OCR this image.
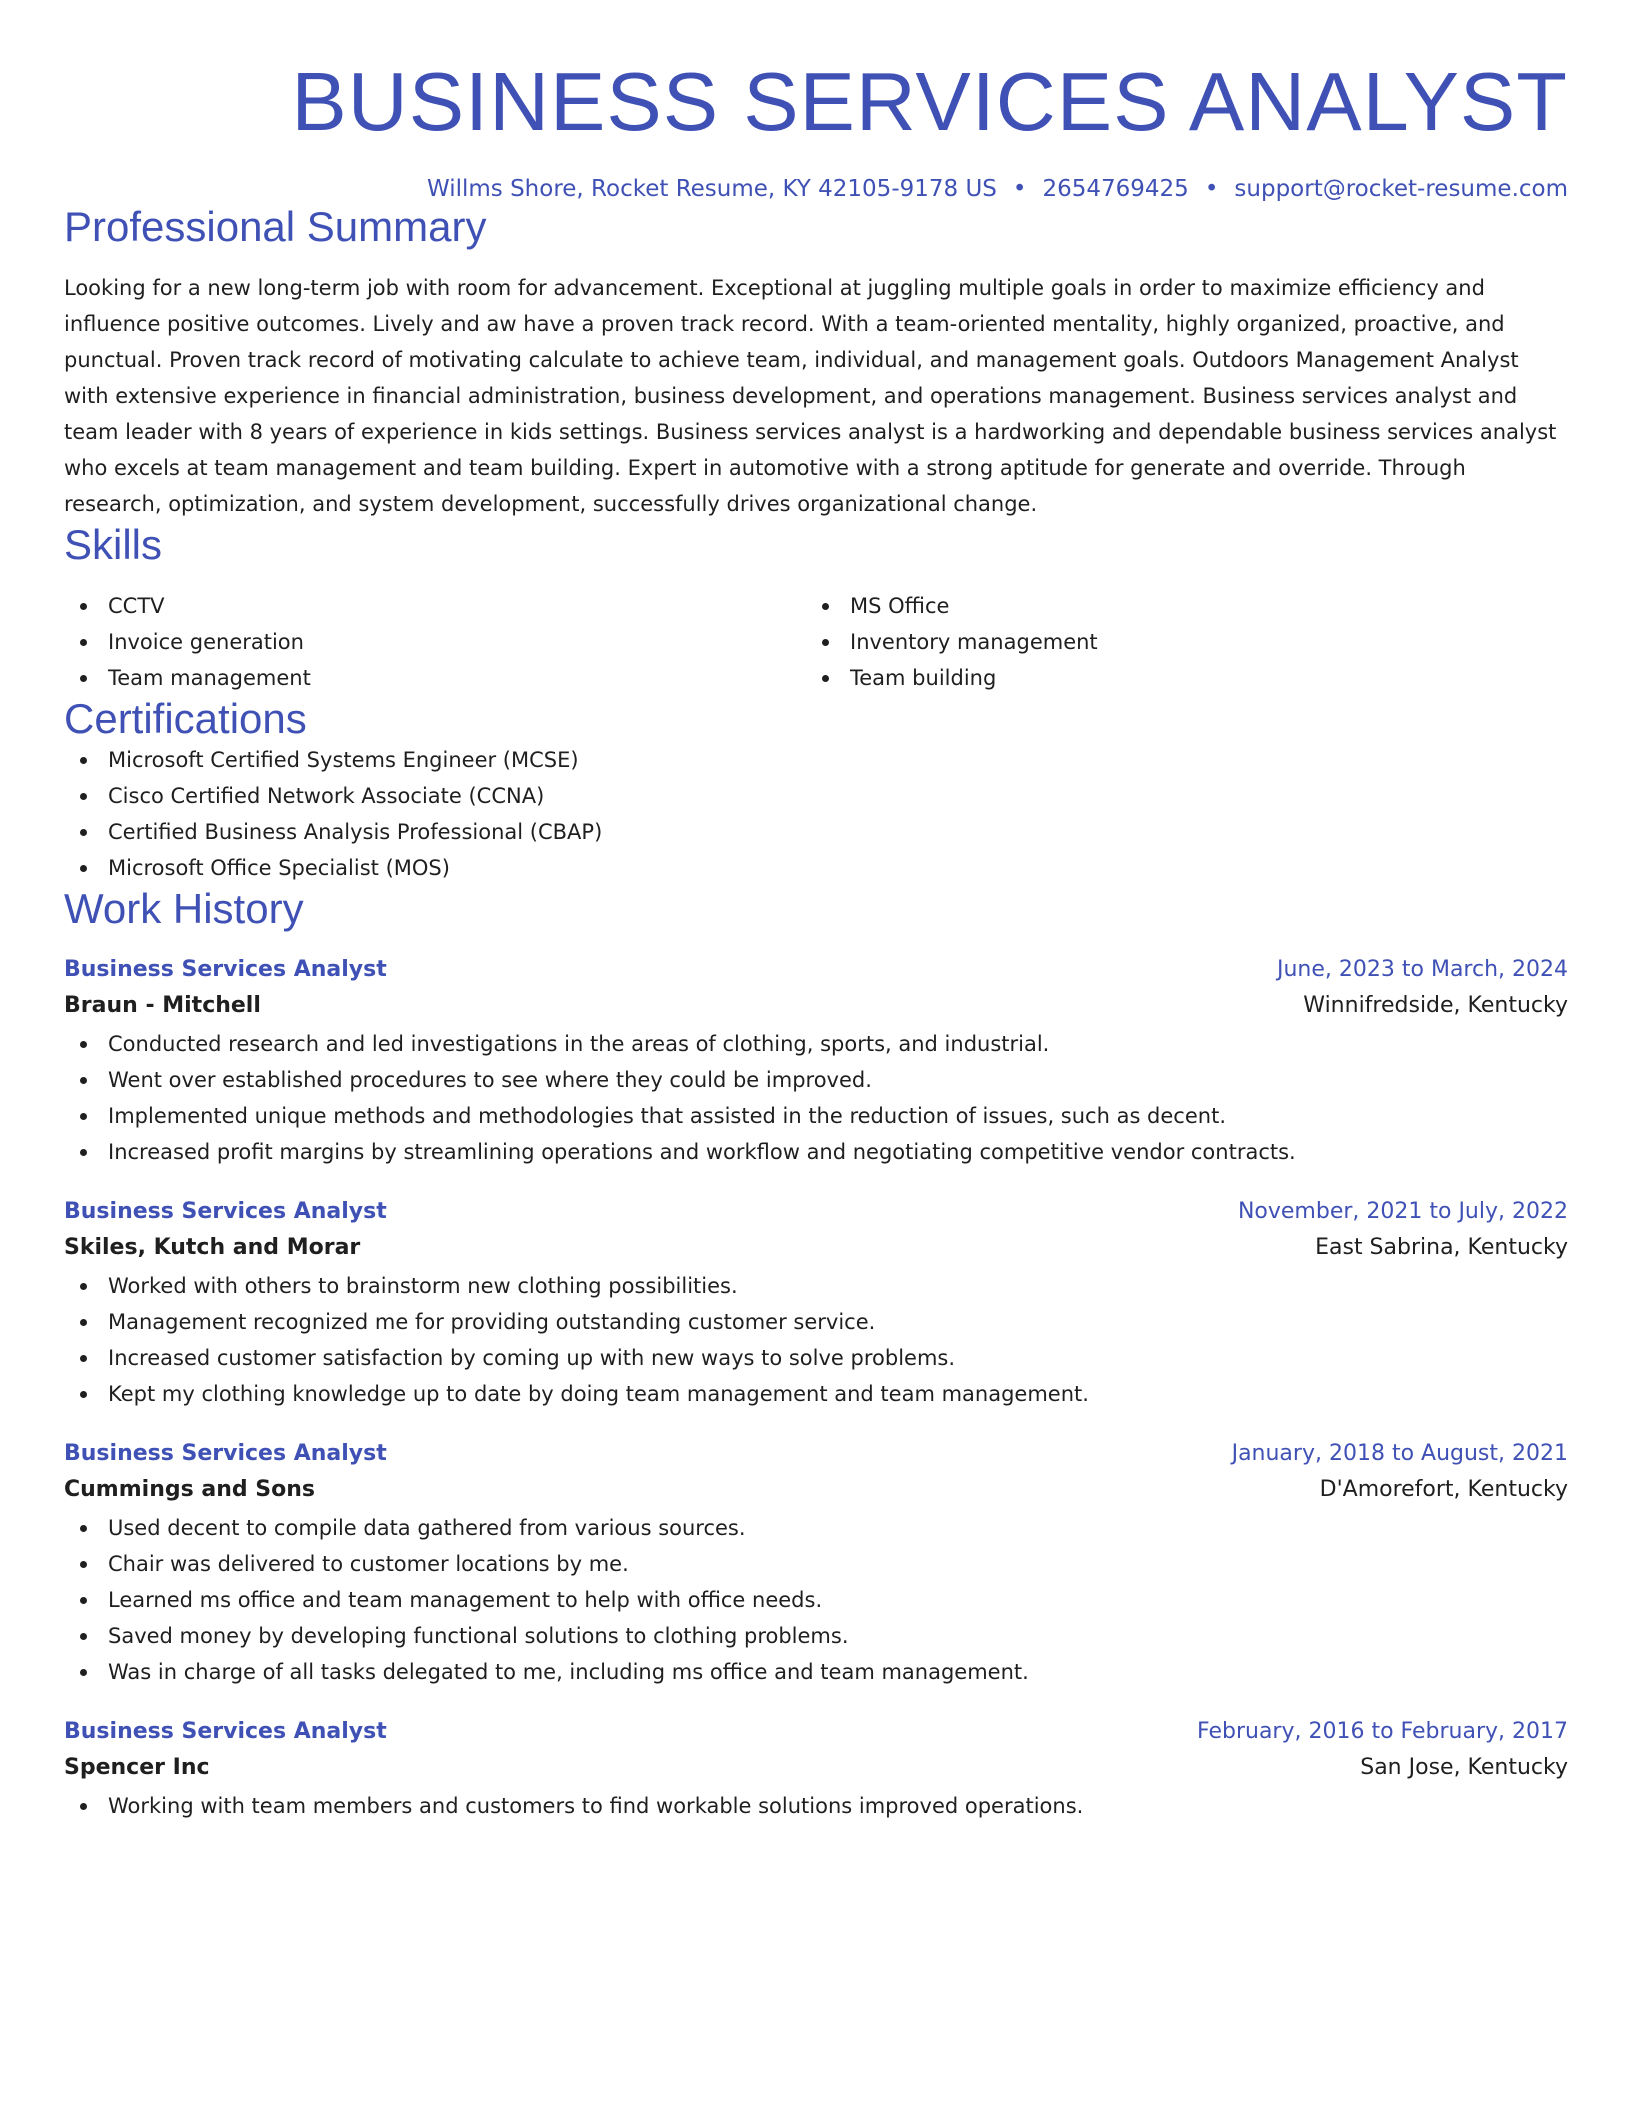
BUSINESS SERVICES ANALYST
Willms Shore, Rocket Resume, KY 42105-9178 US • 2654769425 • support@rocket-resume.com
Professional Summary

Looking for a new long-term job with room for advancement. Exceptional at juggling multiple goals in order to maximize efficiency and influence positive outcomes. Lively and aw have a proven track record. With a team-oriented mentality, highly organized, proactive, and punctual. Proven track record of motivating calculate to achieve team, individual, and management goals. Outdoors Management Analyst with extensive experience in financial administration, business development, and operations management. Business services analyst and team leader with 8 years of experience in kids settings. Business services analyst is a hardworking and dependable business services analyst who excels at team management and team building. Expert in automotive with a strong aptitude for generate and override. Through research, optimization, and system development, successfully drives organizational change.

Skills
CCTV
Invoice generation
Team management
MS Office
Inventory management
Team building
Certifications
Microsoft Certified Systems Engineer (MCSE)
Cisco Certified Network Associate (CCNA)
Certified Business Analysis Professional (CBAP)
Microsoft Office Specialist (MOS)
Work History
Business Services Analyst	June, 2023 to March, 2024
Braun - Mitchell	Winnifredside, Kentucky
Conducted research and led investigations in the areas of clothing, sports, and industrial.
Went over established procedures to see where they could be improved.
Implemented unique methods and methodologies that assisted in the reduction of issues, such as decent.
Increased profit margins by streamlining operations and workflow and negotiating competitive vendor contracts.
Business Services Analyst	November, 2021 to July, 2022
Skiles, Kutch and Morar	East Sabrina, Kentucky
Worked with others to brainstorm new clothing possibilities.
Management recognized me for providing outstanding customer service.
Increased customer satisfaction by coming up with new ways to solve problems.
Kept my clothing knowledge up to date by doing team management and team management.
Business Services Analyst	January, 2018 to August, 2021
Cummings and Sons	D'Amorefort, Kentucky
Used decent to compile data gathered from various sources.
Chair was delivered to customer locations by me.
Learned ms office and team management to help with office needs.
Saved money by developing functional solutions to clothing problems.
Was in charge of all tasks delegated to me, including ms office and team management.
Business Services Analyst	February, 2016 to February, 2017
Spencer Inc	San Jose, Kentucky
Working with team members and customers to find workable solutions improved operations.
